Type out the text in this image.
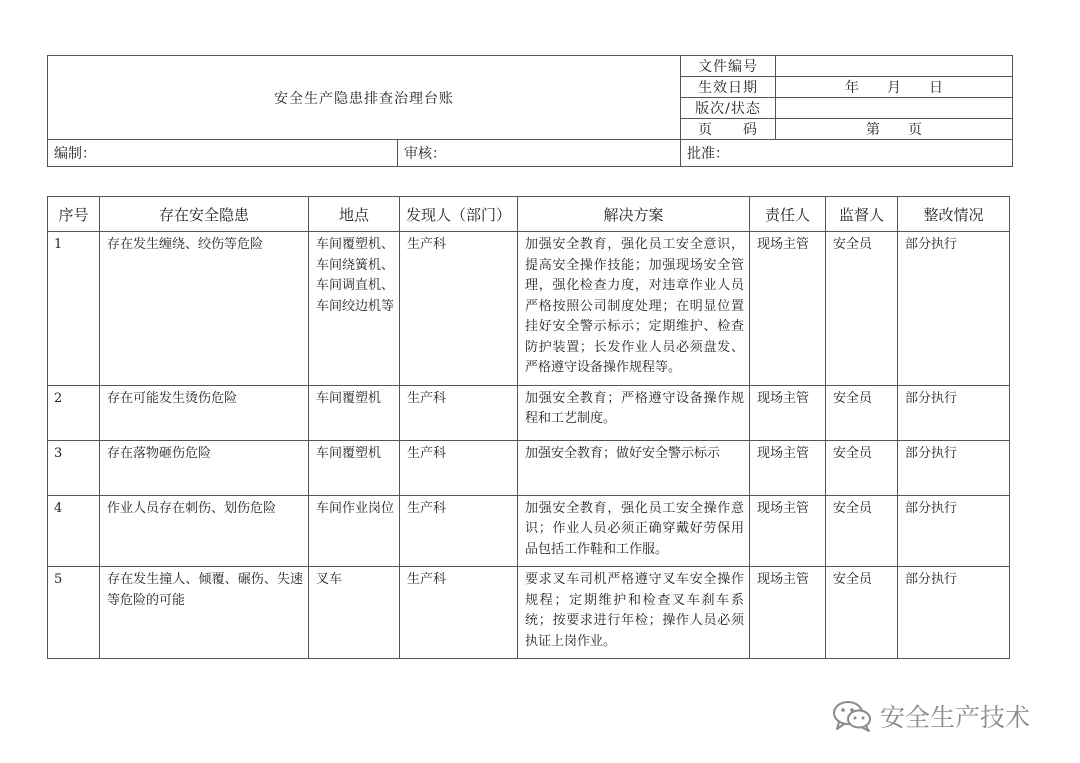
安全生产隐患排查治理台账		文件编号	
		生效日期	年　　月　　日
		版次/状态	
		页　　码	第　　页
编制：	审核：	批准：	
序号	存在安全隐患	地点	发现人（部门）	解决方案	责任人	监督人	整改情况
1	存在发生缠绕、绞伤等危险	车间覆塑机、车间绕簧机、车间调直机、车间绞边机等	生产科	加强安全教育，强化员工安全意识，提高安全操作技能；加强现场安全管理，强化检查力度，对违章作业人员严格按照公司制度处理；在明显位置挂好安全警示标示；定期维护、检查防护装置；长发作业人员必须盘发、严格遵守设备操作规程等。	现场主管	安全员	部分执行
2	存在可能发生烫伤危险	车间覆塑机	生产科	加强安全教育；严格遵守设备操作规程和工艺制度。	现场主管	安全员	部分执行
3	存在落物砸伤危险	车间覆塑机	生产科	加强安全教育；做好安全警示标示	现场主管	安全员	部分执行
4	作业人员存在刺伤、划伤危险	车间作业岗位	生产科	加强安全教育，强化员工安全操作意识；作业人员必须正确穿戴好劳保用品包括工作鞋和工作服。	现场主管	安全员	部分执行
5	存在发生撞人、倾覆、碾伤、失速等危险的可能	叉车	生产科	要求叉车司机严格遵守叉车安全操作规程；定期维护和检查叉车刹车系统；按要求进行年检；操作人员必须执证上岗作业。	现场主管	安全员	部分执行
安全生产技术
